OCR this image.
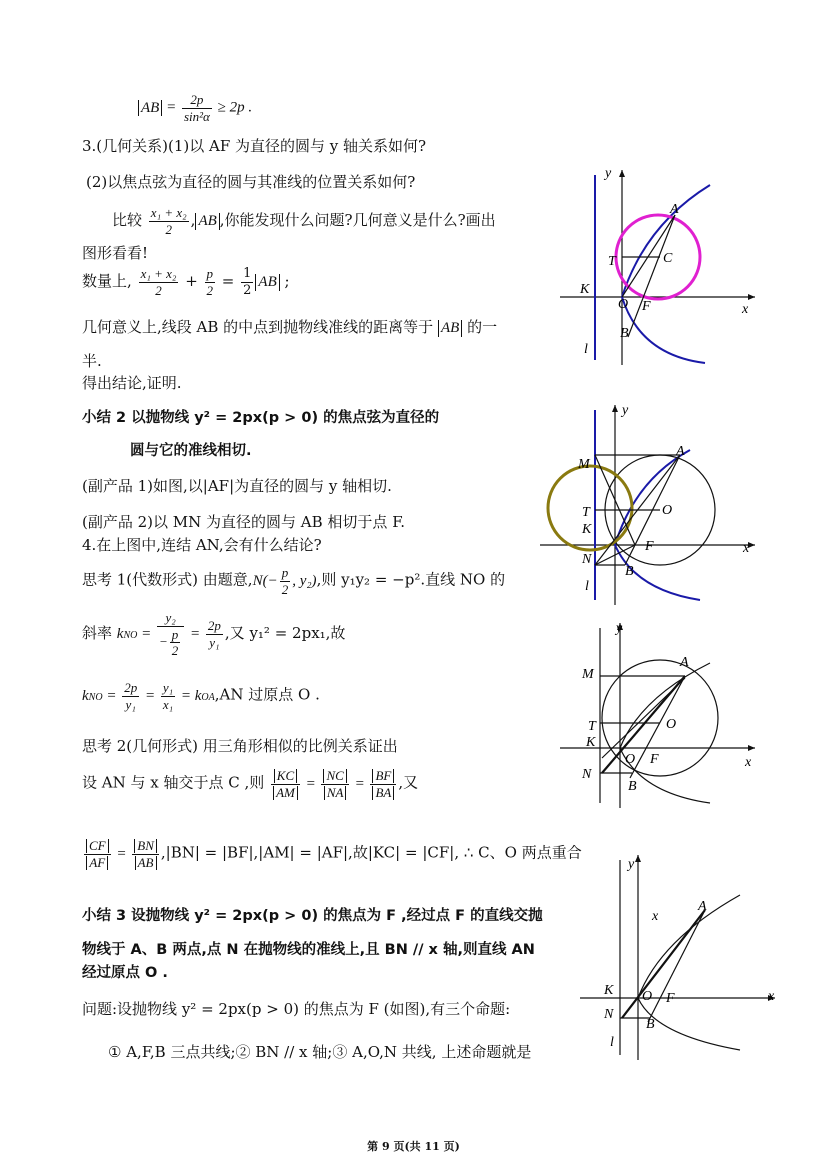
AB = $\frac{2p}{\text{sin²α}} \ge 2p$ .
3.(几何关系)(1)以 AF 为直径的圆与 y 轴关系如何?
(2)以焦点弦为直径的圆与其准线的位置关系如何?
比较 $\frac{\text{x₁ + x₂}}{2}$ , AB ,你能发现什么问题?几何意义是什么?画出
图形看看!
数量上, $\frac{\text{x₁ + x₂}}{2} + \frac{p}{2} = \frac{1}{2}$ AB ;
几何意义上,线段 AB 的中点到抛物线准线的距离等于 AB 的一
半.
得出结论,证明.
小结 2 以抛物线 y² = 2px(p > 0) 的焦点弦为直径的
圆与它的准线相切.
(副产品 1)如图,以|AF|为直径的圆与 y 轴相切.
(副产品 2)以 MN 为直径的圆与 AB 相切于点 F.
4.在上图中,连结 AN,会有什么结论?
思考 1(代数形式) 由题意$,N(- \frac{p}{2}$ , y₂),则 y₁y₂ = −p².直线 NO 的
斜率 kNO = $\frac{\text{y₂}}{- \frac{p}{2}} = \frac{2p}{\text{y₁}}$ ,又 y₁² = 2px₁,故
kNO = $\frac{2p}{\text{y₁}} = \frac{\text{y₁}}{\text{x₁}} = kOA,AN$ 过原点 O .
思考 2(几何形式) 用三角形相似的比例关系证出
设 AN 与 x 轴交于点 C ,则 $\frac{KC}{AM} = \frac{NC}{NA} = \frac{BF}{BA}$ ,又
$\frac{CF}{AF} = \frac{BN}{AB} ,|BN| = |BF|,|AM| = |AF|$,故|KC| = |CF|, ∴ C、O 两点重合
小结 3 设抛物线 y² = 2px(p > 0) 的焦点为 F ,经过点 F 的直线交抛
物线于 A、B 两点,点 N 在抛物线的准线上,且 BN // x 轴,则直线 AN
经过原点 O .
问题:设抛物线 y² = 2px(p > 0) 的焦点为 F (如图),有三个命题:
① A,F,B 三点共线;② BN // x 轴;③ A,O,N 共线, 上述命题就是
第 9 页(共 11 页)
A
C
T
K
O F
B
y
x
l
A
M
O
T
K
F
N
B
y
x
l
A
M
O
T
K
O F
N
B
y
x
A
x
K O F
N
B
y
x
l
